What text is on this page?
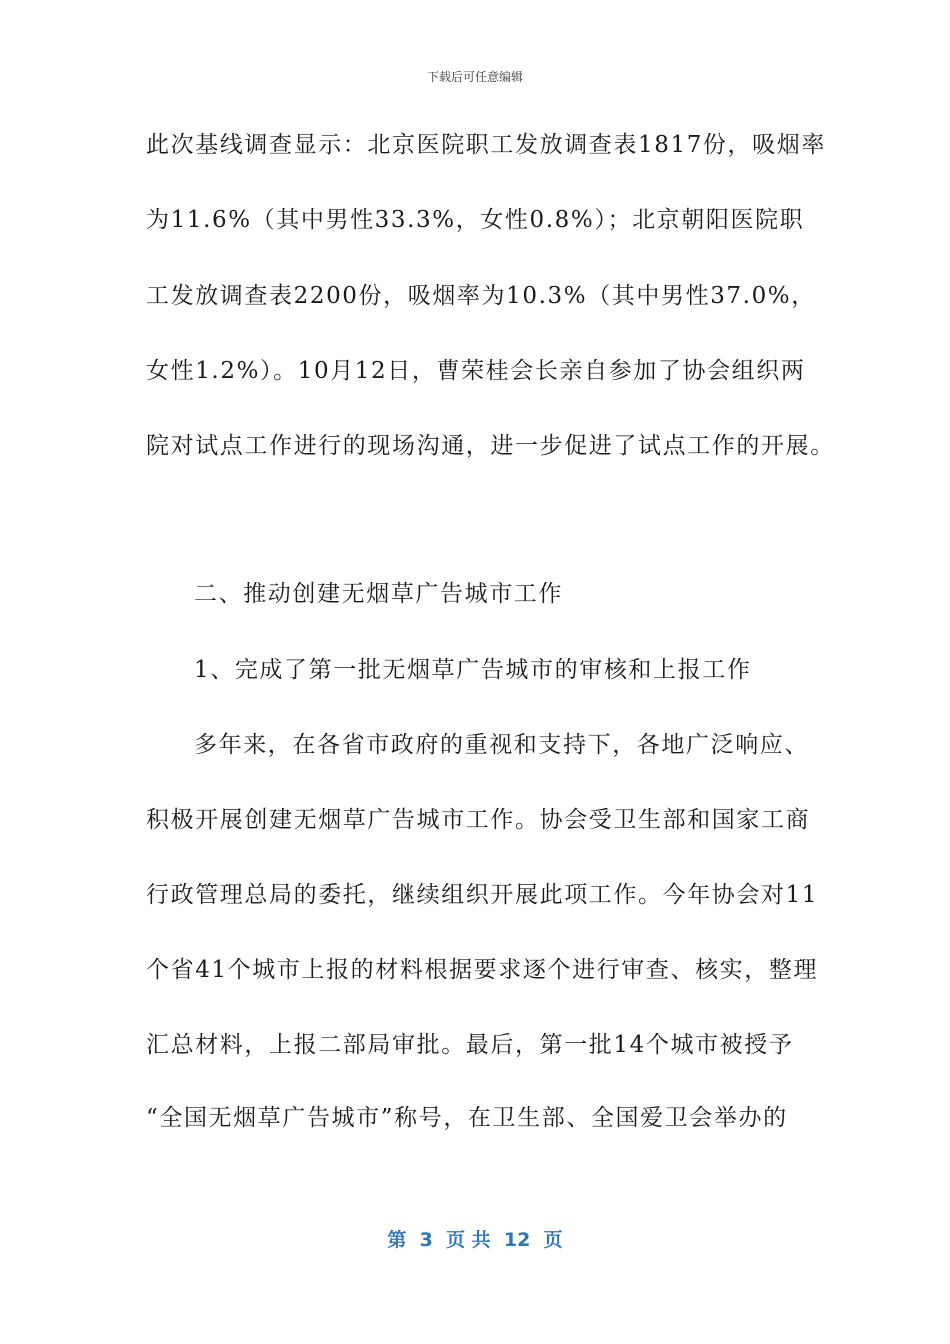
下载后可任意编辑
此次基线调查显示：北京医院职工发放调查表1817份，吸烟率
为11.6%（其中男性33.3%，女性0.8%）；北京朝阳医院职
工发放调查表2200份，吸烟率为10.3%（其中男性37.0%，
女性1.2%）。10月12日，曹荣桂会长亲自参加了协会组织两
院对试点工作进行的现场沟通，进一步促进了试点工作的开展。
二、推动创建无烟草广告城市工作
1、完成了第一批无烟草广告城市的审核和上报工作
多年来，在各省市政府的重视和支持下，各地广泛响应、
积极开展创建无烟草广告城市工作。协会受卫生部和国家工商
行政管理总局的委托，继续组织开展此项工作。今年协会对11
个省41个城市上报的材料根据要求逐个进行审查、核实，整理
汇总材料，上报二部局审批。最后，第一批14个城市被授予
“全国无烟草广告城市”称号，在卫生部、全国爱卫会举办的
第  3  页 共  12  页
